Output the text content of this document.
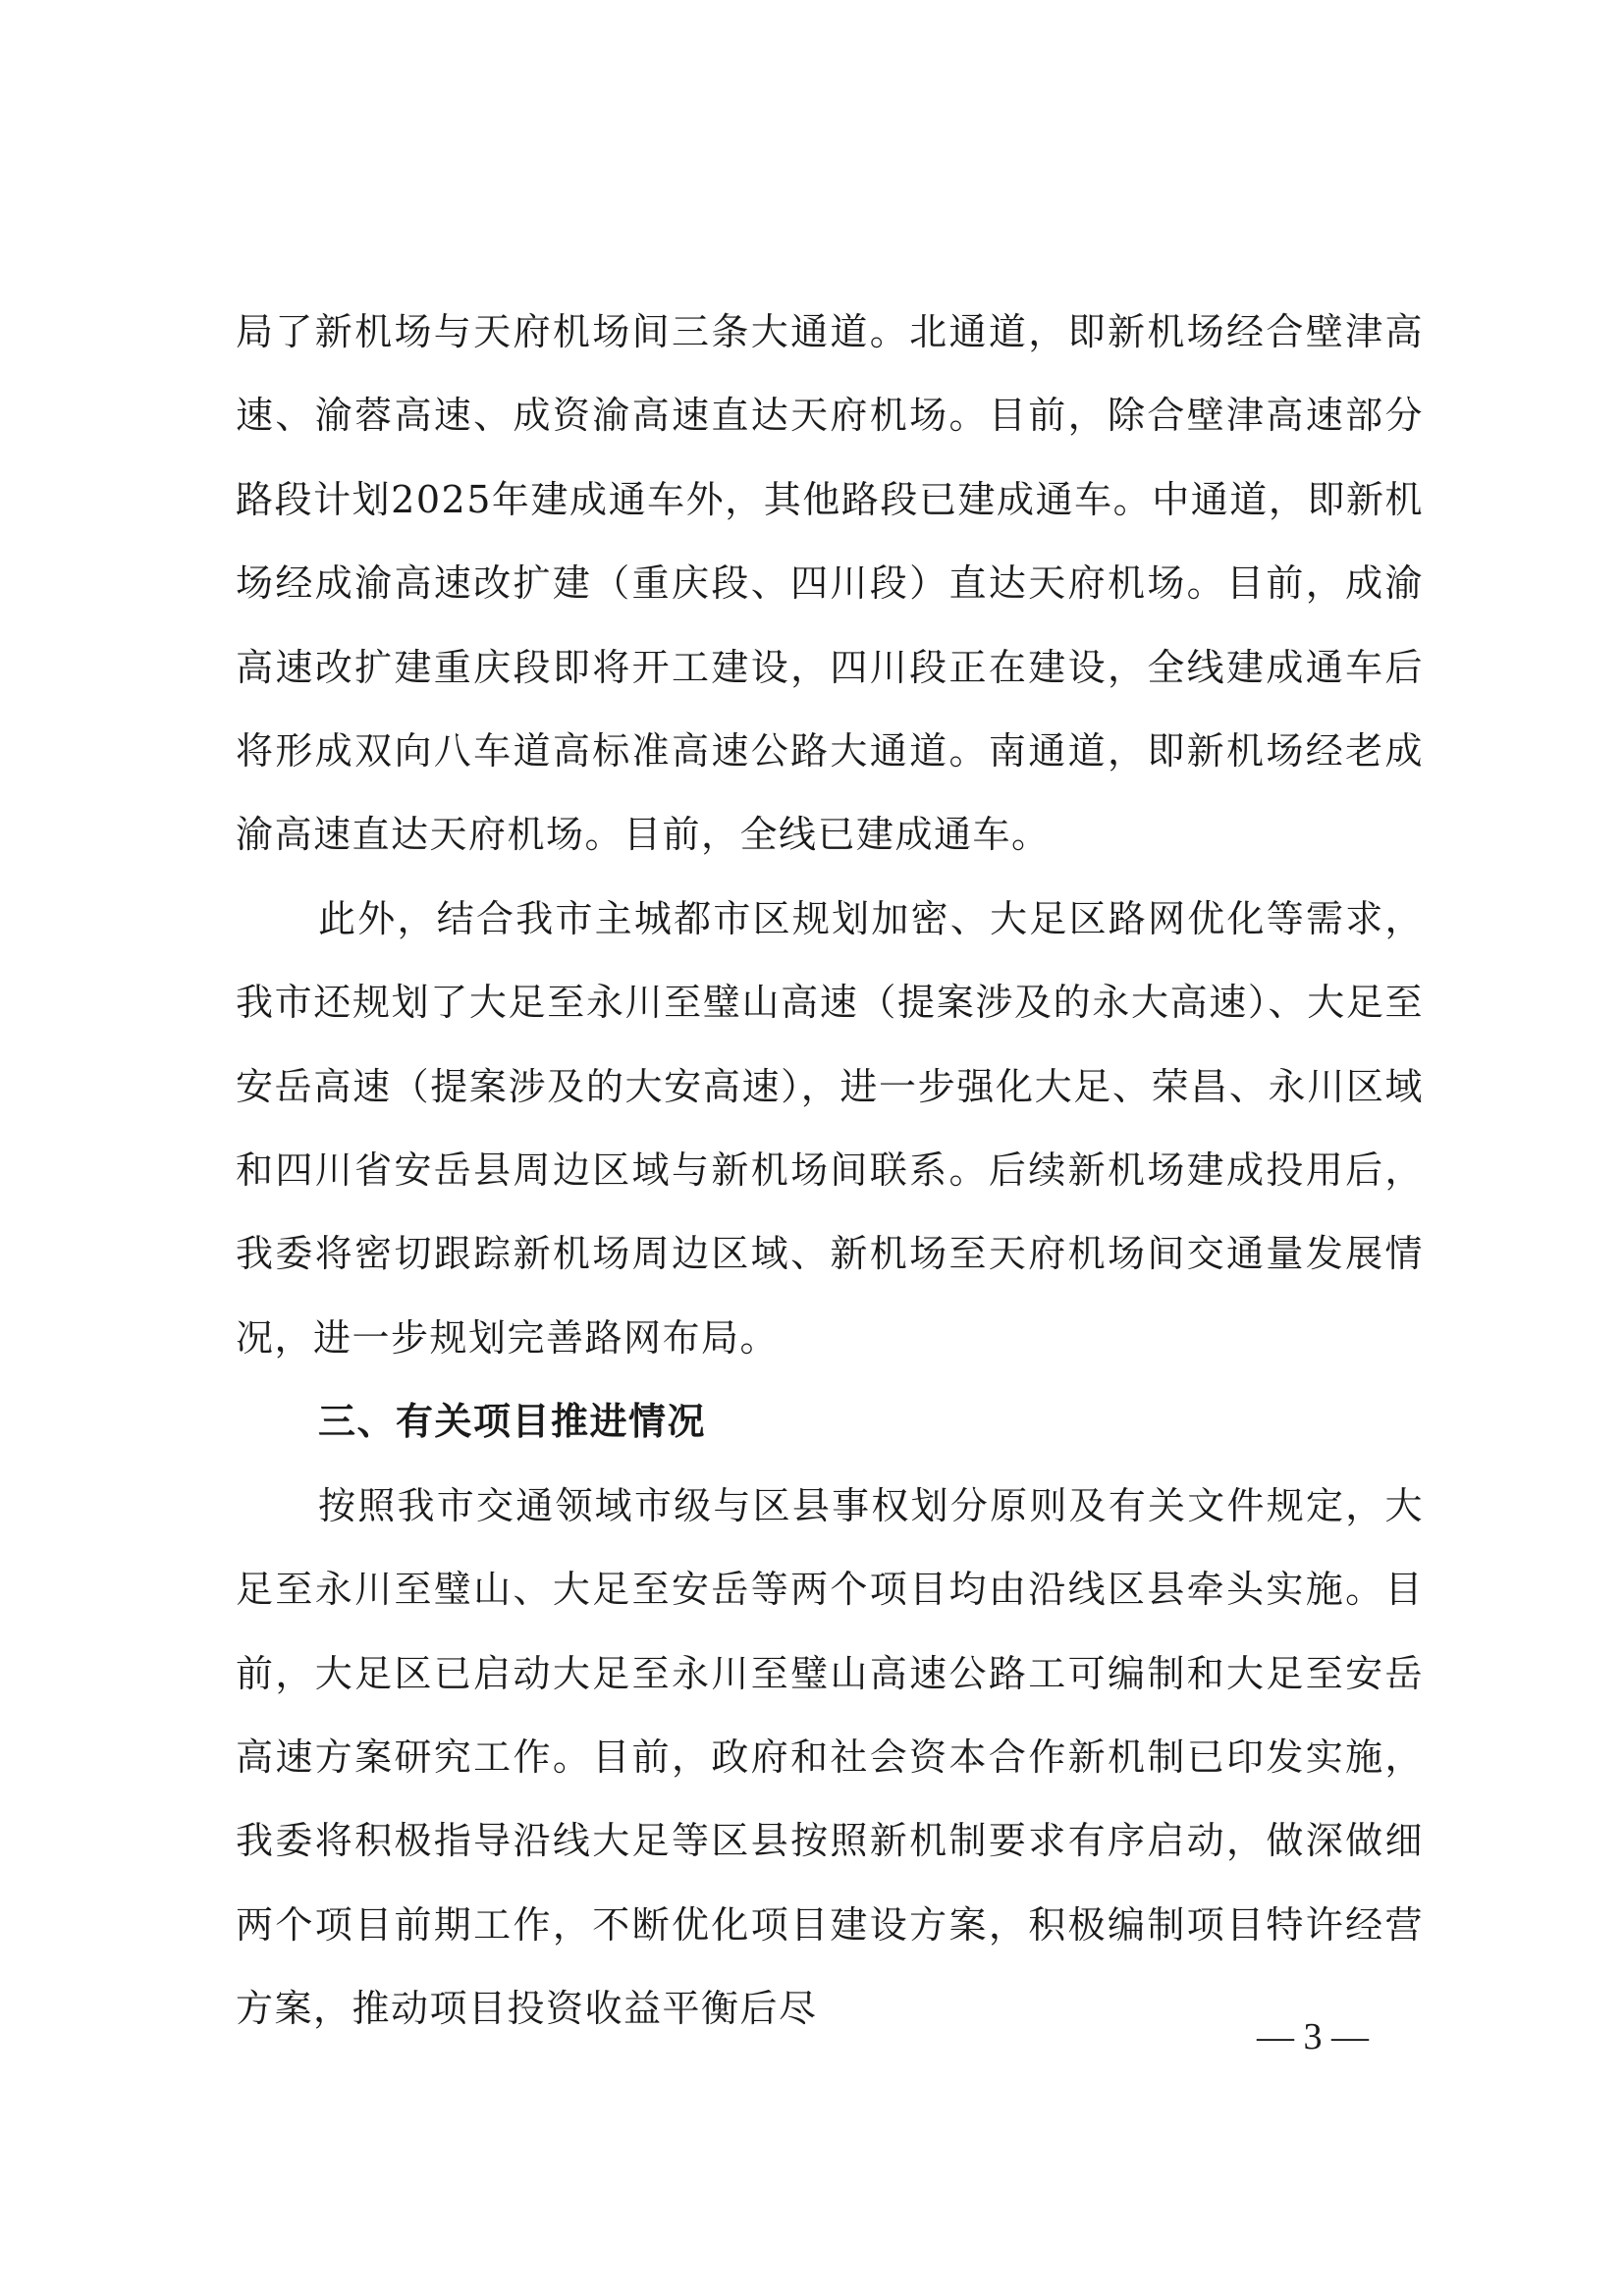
局了新机场与天府机场间三条大通道。北通道，即新机场经合壁津高速、渝蓉高速、成资渝高速直达天府机场。目前，除合壁津高速部分路段计划2025年建成通车外，其他路段已建成通车。中通道，即新机场经成渝高速改扩建（重庆段、四川段）直达天府机场。目前，成渝高速改扩建重庆段即将开工建设，四川段正在建设，全线建成通车后将形成双向八车道高标准高速公路大通道。南通道，即新机场经老成渝高速直达天府机场。目前，全线已建成通车。

此外，结合我市主城都市区规划加密、大足区路网优化等需求，我市还规划了大足至永川至璧山高速（提案涉及的永大高速）、大足至安岳高速（提案涉及的大安高速），进一步强化大足、荣昌、永川区域和四川省安岳县周边区域与新机场间联系。后续新机场建成投用后，我委将密切跟踪新机场周边区域、新机场至天府机场间交通量发展情况，进一步规划完善路网布局。

三、有关项目推进情况

按照我市交通领域市级与区县事权划分原则及有关文件规定，大足至永川至璧山、大足至安岳等两个项目均由沿线区县牵头实施。目前，大足区已启动大足至永川至璧山高速公路工可编制和大足至安岳高速方案研究工作。目前，政府和社会资本合作新机制已印发实施，我委将积极指导沿线大足等区县按照新机制要求有序启动，做深做细两个项目前期工作，不断优化项目建设方案，积极编制项目特许经营方案，推动项目投资收益平衡后尽

— 3 —
